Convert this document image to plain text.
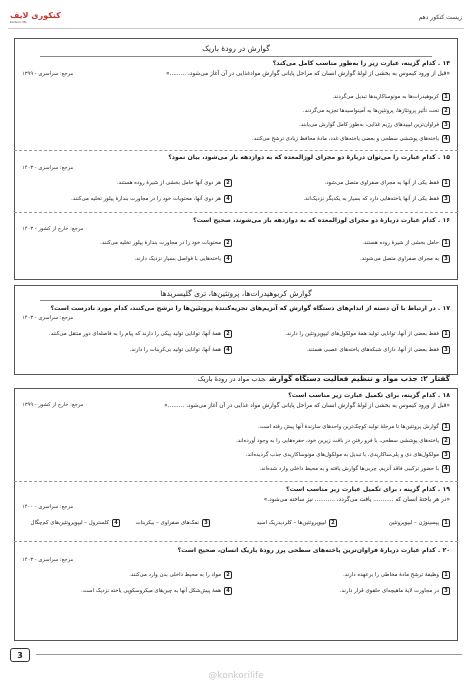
زیست کنکور دهم
کنکوری لایف
Konkori life
گوارش در رودهٔ باریک
۱۴ . کدام گزینه، عبارت زیر را به‌طور مناسب کامل می‌کند؟
«قبل از ورود کیموس به بخشی از لولهٔ گوارش انسان که مراحل پایانی گوارش موادغذایی در آن آغاز می‌شود، .........»
مرجع: سراسری - ۱۳۹۹
1
کربوهیدرات‌ها به مونوساکاریدها تبدیل می‌گردند.
2
تحت تأثیر پروتئازها، پروتئین‌ها به آمینواسیدها تجزیه می‌گردند.
3
فراوان‌ترین لیپیدهای رژیم غذایی، به‌طور کامل گوارش می‌یابند.
4
یاخته‌های پوششی سطحی و بعضی یاخته‌های غدد، مادهٔ محافظ زیادی ترشح می‌کنند.
۱۵ . کدام عبارت را می‌توان دربارهٔ دو مجرای لوزالمعده که به دوازدهه باز می‌شود، بیان نمود؟
مرجع: سراسری - ۱۴۰۳
1
فقط یکی از آنها به مجرای صفراوی متصل می‌شود.
2
هر دوی آنها حامل بخشی از شیرهٔ روده هستند.
3
فقط یکی از آنها یاخته‌هایی دارد که بسیار به یکدیگر نزدیک‌اند.
4
هر دوی آنها، محتویات خود را در مجاورت بندارهٔ پیلور تخلیه می‌کنند.
۱۶ . کدام عبارت دربارهٔ دو مجرای لوزالمعده که به دوازدهه باز می‌شوند، صحیح است؟
مرجع: خارج از کشور - ۱۴۰۳
1
حامل بخشی از شیرهٔ روده هستند.
2
محتویات خود را در مجاورت بندارهٔ پیلور تخلیه می‌کنند.
3
به مجرای صفراوی متصل می‌شوند.
4
یاخته‌هایی با فواصل بسیار نزدیک دارند.
گوارش کربوهیدرات‌ها، پروتئین‌ها، تری گلیسریدها
۱۷ . در ارتباط با آن دسته از اندام‌های دستگاه گوارش که آنزیم‌های تجزیه‌کنندهٔ پروتئین‌ها را ترشح می‌کنند، کدام مورد نادرست است؟
مرجع: سراسری - ۱۴۰۳
1
فقط بعضی از آنها، توانایی تولید همهٔ مولکول‌های لیپوپروتئین را دارند.
2
همهٔ آنها، توانایی تولید پیکی را دارند که پیام را به فاصله‌ای دور منتقل می‌کنند.
3
فقط بعضی از آنها، دارای شبکه‌های یاخته‌های عصبی هستند.
4
همهٔ آنها، توانایی تولید بی‌کربنات را دارند.
گفتار ۲: جذب مواد و تنظیم فعالیت دستگاه گوارشجذب مواد در رودهٔ باریک
۱۸ . کدام گزینه، برای تکمیل عبارت زیر مناسب است؟
«قبل از ورود کیموس به بخشی از لولهٔ گوارش انسان که مراحل پایانی گوارش مواد غذایی در آن آغاز می‌شود، .........»
مرجع: خارج از کشور - ۱۳۹۹
1
گوارش پروتئین‌ها تا مرحلهٔ تولید کوچک‌ترین واحدهای سازندهٔ آنها پیش رفته است.
2
یاخته‌های پوششی سطحی، با فرو رفتن در بافت زیرین خود، حفره‌هایی را به وجود آورده‌اند.
3
مولکول‌های دی و پلی‌ساکاریدی، با تبدیل به مولکول‌های مونوساکاریدی جذب گردیده‌اند.
4
با حضور ترکیبی فاقد آنزیم، چربی‌ها گوارش یافته و به محیط داخلی وارد شده‌اند.
۱۹ . کدام گزینه ، برای تکمیل عبارت زیر مناسب است؟
«در هر یاختهٔ انسان که ........... یافت می‌گردد، ........... نیز ساخته می‌شود.»
مرجع: سراسری - ۱۴۰۰
1
پپسینوژن – لیپوپروتئین
2
لیپوپروتئین‌ها – کلردیدریک اسید
3
نمک‌های صفراوی – بیکربنات
4
کلسترول – لیپوپروتئین‌های کم‌چگال
۲۰ . کدام عبارت دربارهٔ فراوان‌ترین یاخته‌های سطحی پرز رودهٔ باریک انسان، صحیح است؟
مرجع: سراسری - ۱۴۰۳
1
وظیفهٔ ترشح مادهٔ مخاطی را برعهده دارند.
2
مواد را به محیط داخلی بدن وارد می‌کنند.
3
در مجاورت لایهٔ ماهیچه‌ای حلقوی قرار دارند.
4
همهٔ پیش‌شکل آنها به چین‌های میکروسکوپی یاخته نزدیک است.
3
@konkorilife
